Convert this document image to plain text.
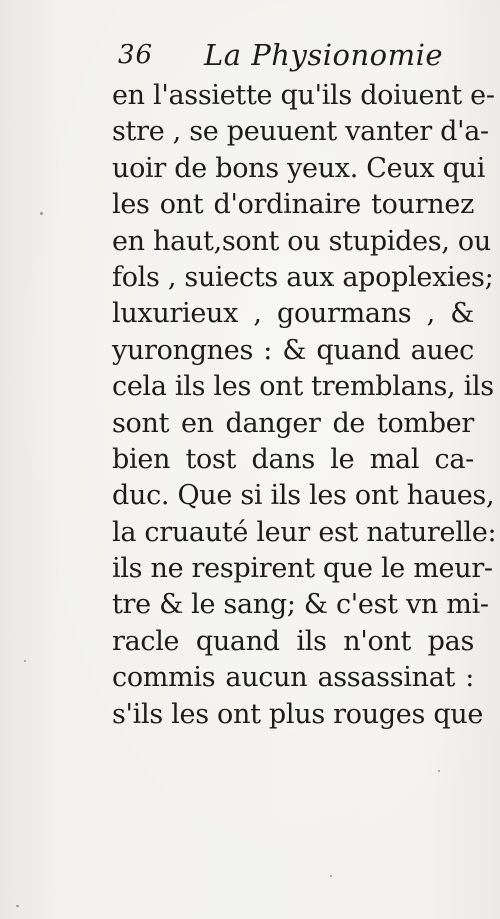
36 La Physionomie
en l'assiette qu'ils doiuent e-
stre , se peuuent vanter d'a-
uoir de bons yeux. Ceux qui
les ont d'ordinaire tournez
en haut,sont ou stupides, ou
fols , suiects aux apoplexies;
luxurieux , gourmans , &
yurongnes : & quand auec
cela ils les ont tremblans, ils
sont en danger de tomber
bien tost dans le mal ca-
duc. Que si ils les ont haues,
la cruauté leur est naturelle:
ils ne respirent que le meur-
tre & le sang; & c'est vn mi-
racle quand ils n'ont pas
commis aucun assassinat :
s'ils les ont plus rouges que
